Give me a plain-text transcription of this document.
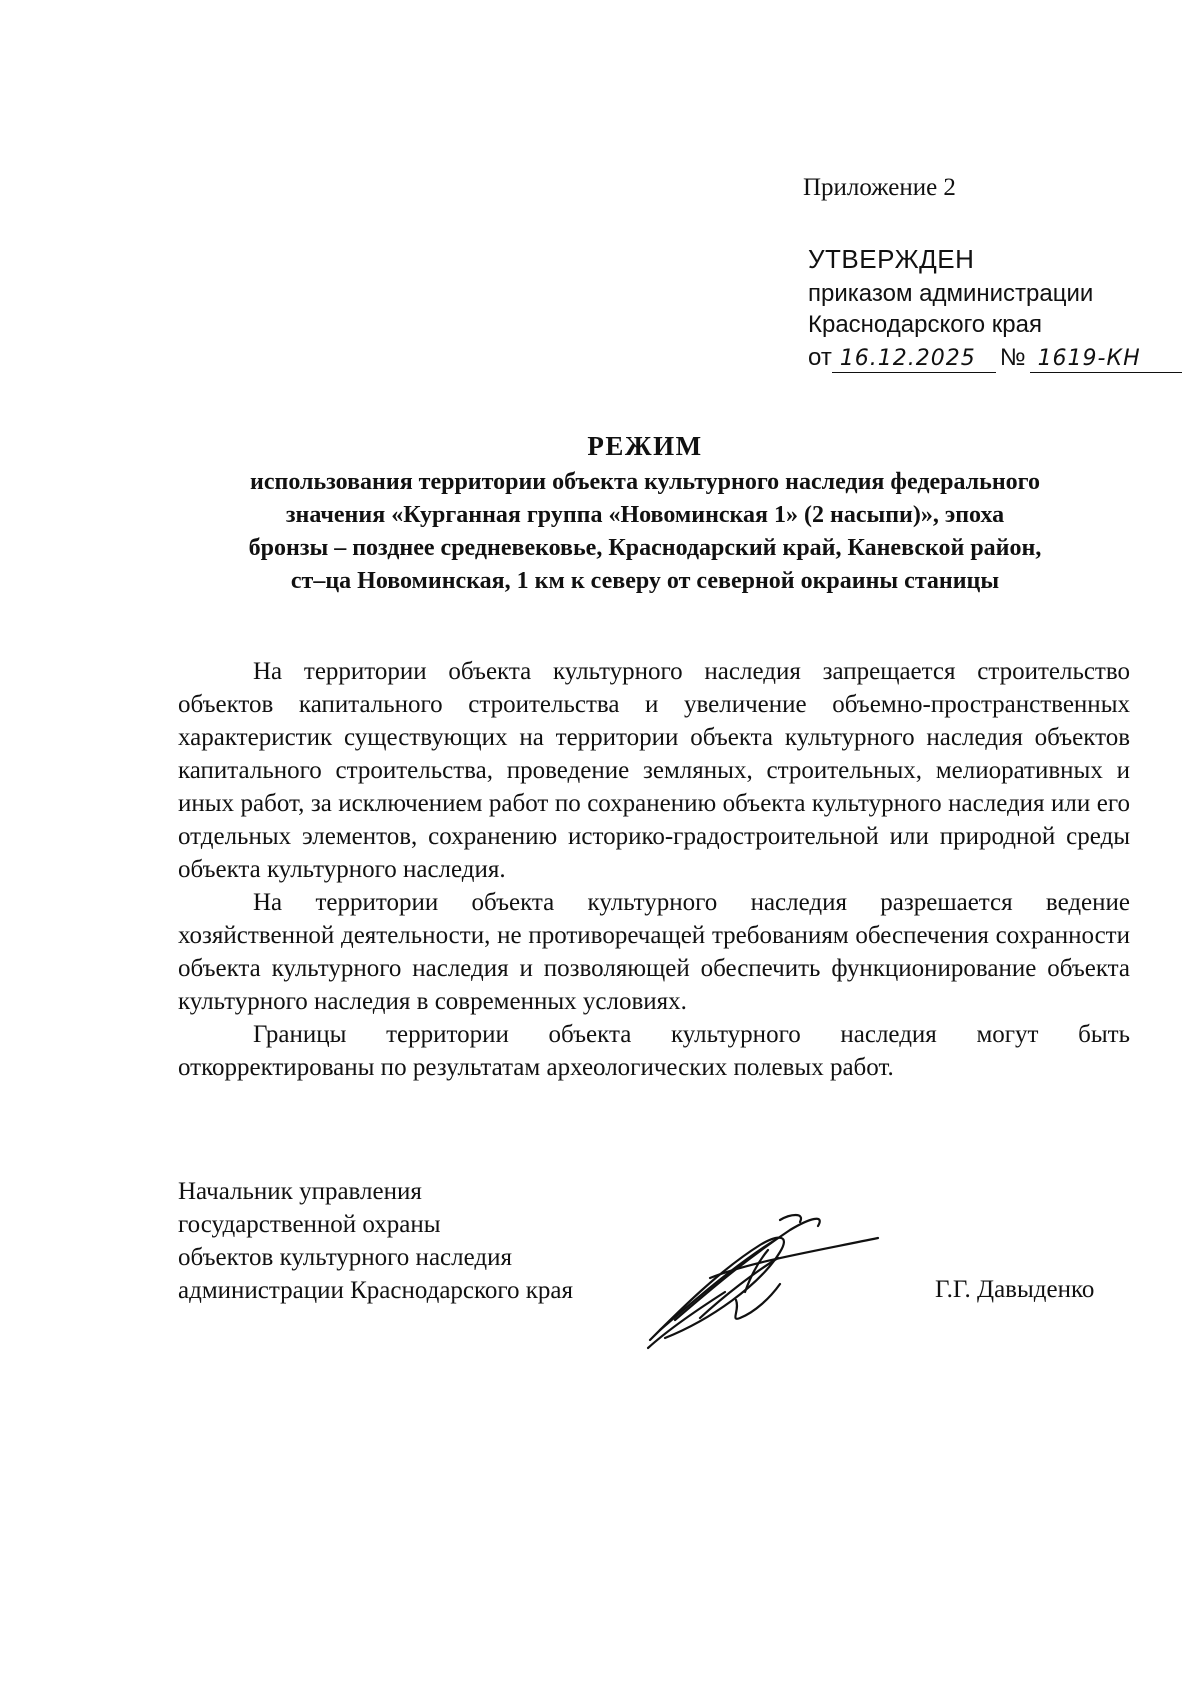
Приложение 2
УТВЕРЖДЕН
приказом администрации
Краснодарского края
от 16.12.2025	№ 1619-КН
РЕЖИМ
использования территории объекта культурного наследия федерального
значения «Курганная группа «Новоминская 1» (2 насыпи)», эпоха
бронзы – позднее средневековье, Краснодарский край, Каневской район,
ст–ца Новоминская, 1 км к северу от северной окраины станицы

На территории объекта культурного наследия запрещается строительство объектов капитального строительства и увеличение объемно-пространственных характеристик существующих на территории объекта культурного наследия объектов капитального строительства, проведение земляных, строительных, мелиоративных и иных работ, за исключением работ по сохранению объекта культурного наследия или его отдельных элементов, сохранению историко-градостроительной или природной среды объекта культурного наследия.

На территории объекта культурного наследия разрешается ведение хозяйственной деятельности, не противоречащей требованиям обеспечения сохранности объекта культурного наследия и позволяющей обеспечить функционирование объекта культурного наследия в современных условиях.

Границы территории объекта культурного наследия могут быть откорректированы по результатам археологических полевых работ.

Начальник управления
государственной охраны
объектов культурного наследия
администрации Краснодарского края	Г.Г. Давыденко
